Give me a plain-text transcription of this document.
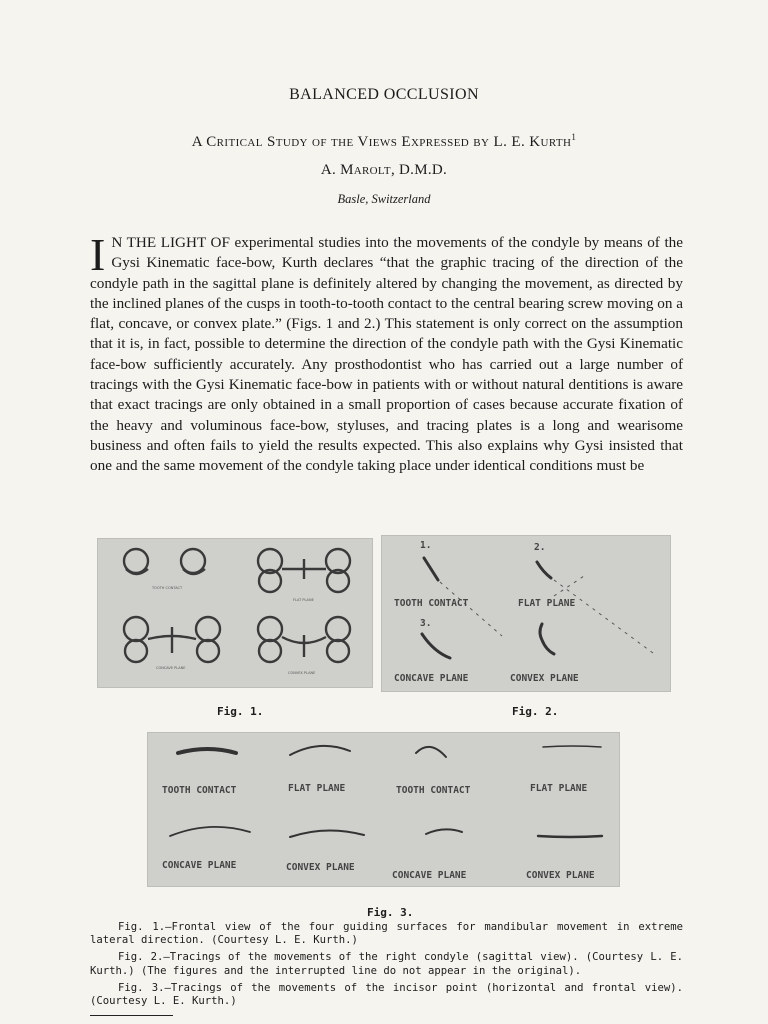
BALANCED OCCLUSION
A Critical Study of the Views Expressed by L. E. Kurth$^1$
A. Marolt, D.M.D.
Basle, Switzerland

I N THE LIGHT OF experimental studies into the movements of the condyle by means of the Gysi Kinematic face-bow, Kurth declares “that the graphic tracing of the direction of the condyle path in the sagittal plane is definitely altered by changing the movement, as directed by the inclined planes of the cusps in tooth-to-tooth contact to the central bearing screw moving on a flat, concave, or convex plate.” (Figs. 1 and 2.) This statement is only correct on the assumption that it is, in fact, possible to determine the direction of the condyle path with the Gysi Kinematic face-bow sufficiently accurately. Any prosthodontist who has carried out a large number of tracings with the Gysi Kinematic face-bow in patients with or without natural dentitions is aware that exact tracings are only obtained in a small proportion of cases because accurate fixation of the heavy and voluminous face-bow, styluses, and tracing plates is a long and wearisome business and often fails to yield the results expected. This also explains why Gysi insisted that one and the same movement of the condyle taking place under identical conditions must be

TOOTH CONTACT
FLAT PLANE
CONCAVE PLANE
CONVEX PLANE
1.	2.
3.
TOOTH CONTACT	FLAT PLANE
CONCAVE PLANE	CONVEX PLANE
Fig. 1.	Fig. 2.
TOOTH CONTACT	FLAT PLANE	TOOTH CONTACT	FLAT PLANE
CONCAVE PLANE	CONVEX PLANE
CONCAVE PLANE	CONVEX PLANE
Fig. 3.

Fig. 1.—Frontal view of the four guiding surfaces for mandibular movement in extreme lateral direction. (Courtesy L. E. Kurth.)

Fig. 2.—Tracings of the movements of the right condyle (sagittal view). (Courtesy L. E. Kurth.) (The figures and the interrupted line do not appear in the original).

Fig. 3.—Tracings of the movements of the incisor point (horizontal and frontal view). (Courtesy L. E. Kurth.)
